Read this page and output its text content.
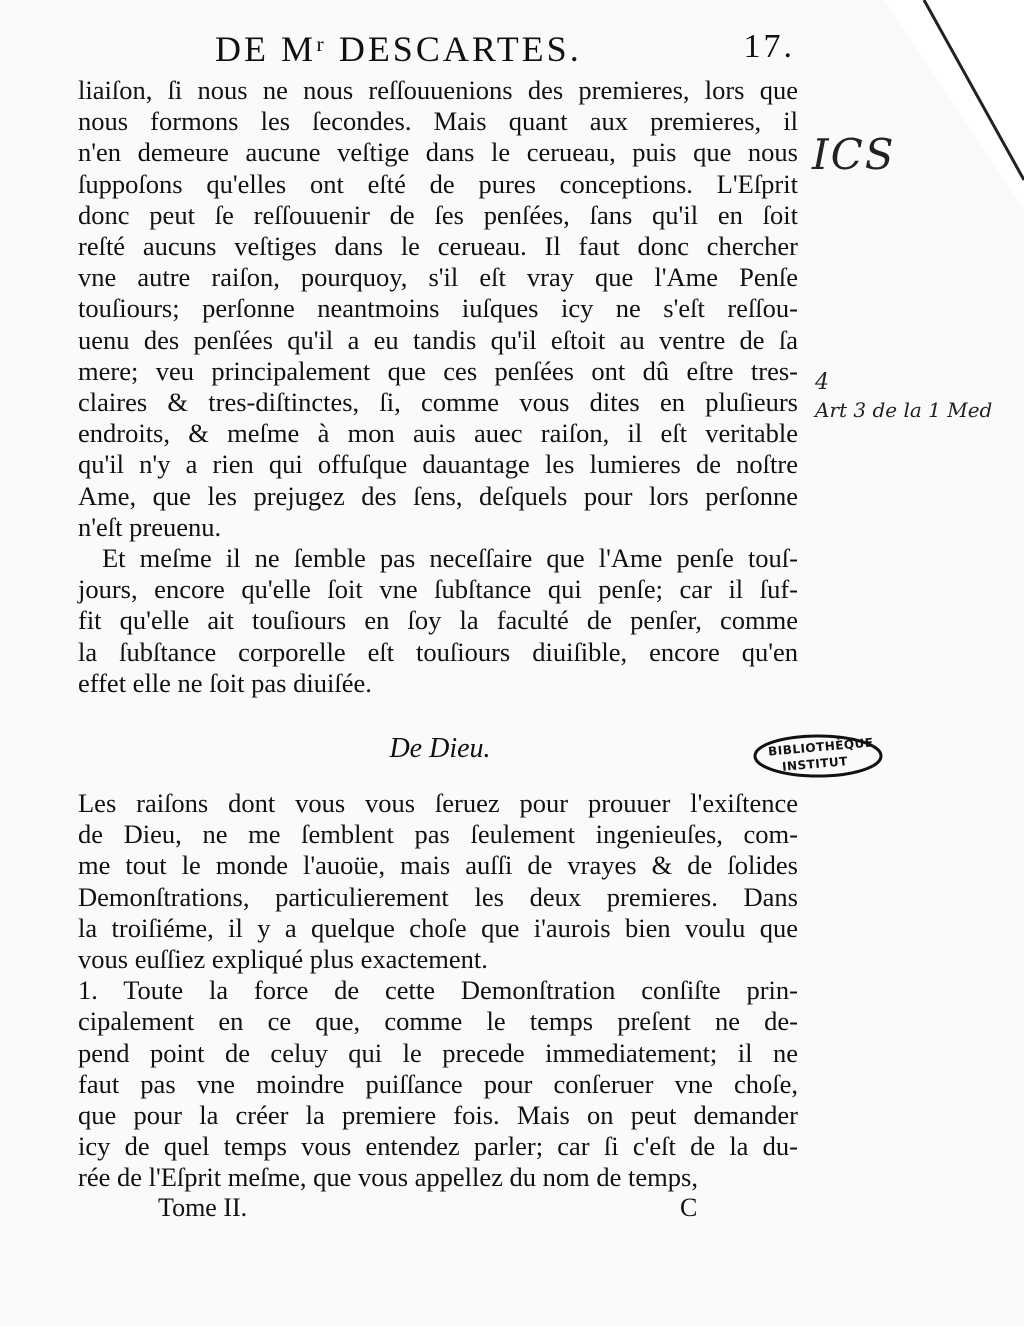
DE Mʳ DESCARTES.	17.
liaiſon, ſi nous ne nous reſſouuenions des premieres, lors que
nous formons les ſecondes. Mais quant aux premieres, il
n'en demeure aucune veſtige dans le cerueau, puis que nous
ſuppoſons qu'elles ont eſté de pures conceptions. L'Eſprit
donc peut ſe reſſouuenir de ſes penſées, ſans qu'il en ſoit
reſté aucuns veſtiges dans le cerueau. Il faut donc chercher
vne autre raiſon, pourquoy, s'il eſt vray que l'Ame Penſe
touſiours; perſonne neantmoins iuſques icy ne s'eſt reſſou-
uenu des penſées qu'il a eu tandis qu'il eſtoit au ventre de ſa
mere; veu principalement que ces penſées ont dû eſtre tres-
claires & tres-diſtinctes, ſi, comme vous dites en pluſieurs
endroits, & meſme à mon auis auec raiſon, il eſt veritable
qu'il n'y a rien qui offuſque dauantage les lumieres de noſtre
Ame, que les prejugez des ſens, deſquels pour lors perſonne
n'eſt preuenu.
Et meſme il ne ſemble pas neceſſaire que l'Ame penſe touſ-
jours, encore qu'elle ſoit vne ſubſtance qui penſe; car il ſuf-
fit qu'elle ait touſiours en ſoy la faculté de penſer, comme
la ſubſtance corporelle eſt touſiours diuiſible, encore qu'en
effet elle ne ſoit pas diuiſée.
De Dieu.
Les raiſons dont vous vous ſeruez pour prouuer l'exiſtence
de Dieu, ne me ſemblent pas ſeulement ingenieuſes, com-
me tout le monde l'auoüe, mais auſſi de vrayes & de ſolides
Demonſtrations, particulierement les deux premieres. Dans
la troiſiéme, il y a quelque choſe que i'aurois bien voulu que
vous euſſiez expliqué plus exactement.
1. Toute la force de cette Demonſtration conſiſte prin-
cipalement en ce que, comme le temps preſent ne de-
pend point de celuy qui le precede immediatement; il ne
faut pas vne moindre puiſſance pour conſeruer vne choſe,
que pour la créer la premiere fois. Mais on peut demander
icy de quel temps vous entendez parler; car ſi c'eſt de la du-
rée de l'Eſprit meſme, que vous appellez du nom de temps,
Tome II.	C
ICS
4
Art 3 de la 1 Med
BIBLIOTHÈQUE
INSTITUT
